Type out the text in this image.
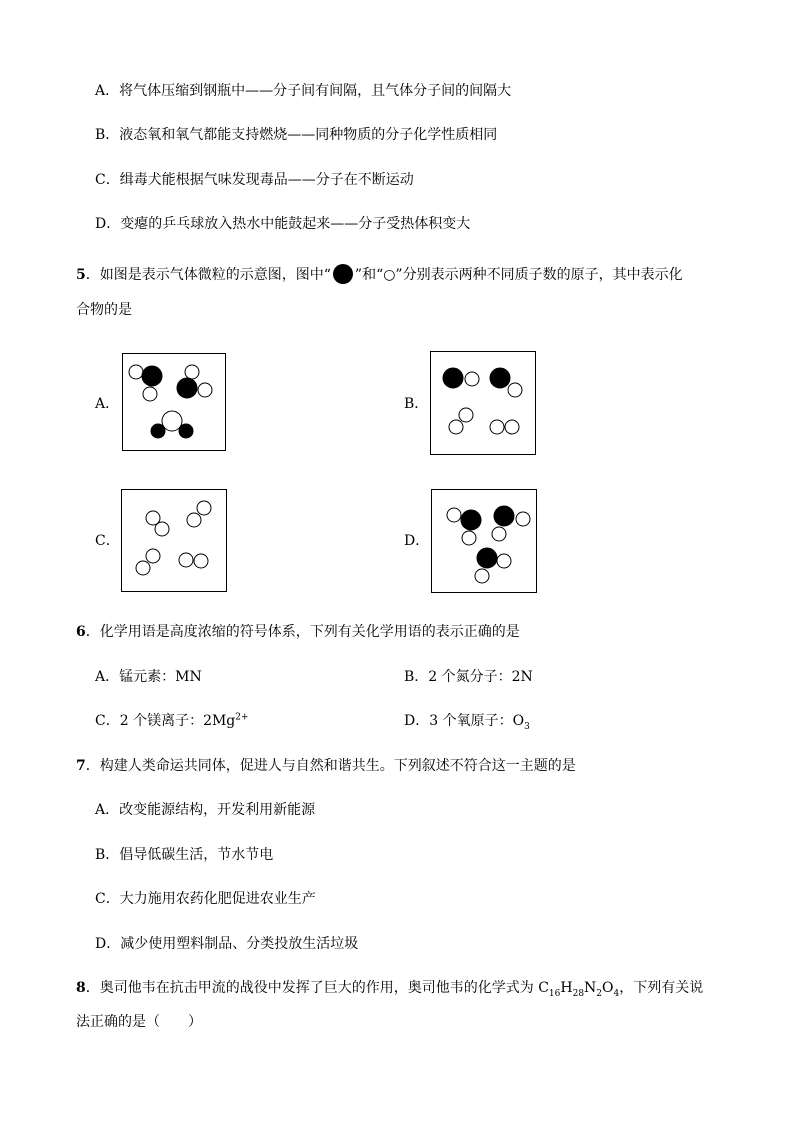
A．将气体压缩到钢瓶中——分子间有间隔，且气体分子间的间隔大
B．液态氧和氧气都能支持燃烧——同种物质的分子化学性质相同
C．缉毒犬能根据气味发现毒品——分子在不断运动
D．变瘪的乒乓球放入热水中能鼓起来——分子受热体积变大
5．如图是表示气体微粒的示意图，图中“ ”和“○”分别表示两种不同质子数的原子，其中表示化
合物的是
A．	B．
C．	D．
6．化学用语是高度浓缩的符号体系，下列有关化学用语的表示正确的是
A．锰元素：MN	B．2 个氮分子：2N
C．2 个镁离子：$2Mg^{2+}$	D．3 个氧原子：$O_3$
7．构建人类命运共同体，促进人与自然和谐共生。下列叙述不符合这一主题的是
A．改变能源结构，开发利用新能源
B．倡导低碳生活，节水节电
C．大力施用农药化肥促进农业生产
D．减少使用塑料制品、分类投放生活垃圾
8．奥司他韦在抗击甲流的战役中发挥了巨大的作用，奥司他韦的化学式为 $C_{16}H_{28}N_2O_4$，下列有关说
法正确的是（　　）
